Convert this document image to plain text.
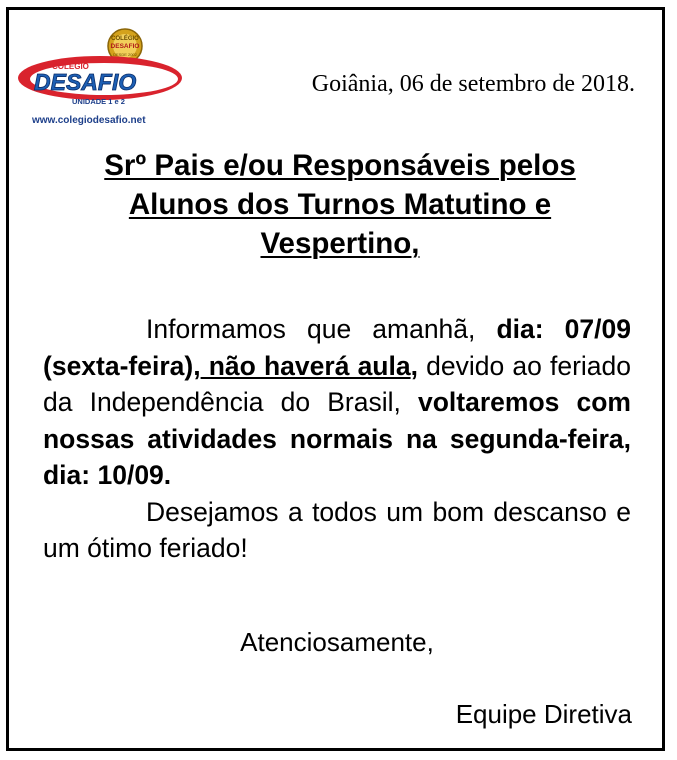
COLÉGIO
DESAFIO
DESDE 2002
COLÉGIO
DESAFIO
UNIDADE 1 e 2
www.colegiodesafio.net
Goiânia, 06 de setembro de 2018.
Srº Pais e/ou Responsáveis pelos
Alunos dos Turnos Matutino e
Vespertino,

Informamos que amanhã, dia: 07/09 (sexta-feira), não haverá aula, devido ao feriado da Independência do Brasil, voltaremos com nossas atividades normais na segunda-feira, dia: 10/09.

Desejamos a todos um bom descanso e um ótimo feriado!

Atenciosamente,
Equipe Diretiva
